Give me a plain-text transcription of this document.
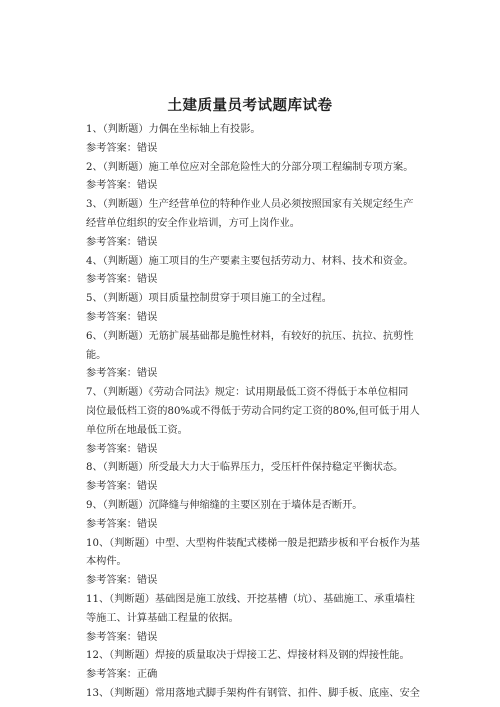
土建质量员考试题库试卷

1、（判断题）力偶在坐标轴上有投影。

参考答案：错误

2、（判断题）施工单位应对全部危险性大的分部分项工程编制专项方案。

参考答案：错误

3、（判断题）生产经营单位的特种作业人员必须按照国家有关规定经生产

经营单位组织的安全作业培训，方可上岗作业。

参考答案：错误

4、（判断题）施工项目的生产要素主要包括劳动力、材料、技术和资金。

参考答案：错误

5、（判断题）项目质量控制贯穿于项目施工的全过程。

参考答案：错误

6、（判断题）无筋扩展基础都是脆性材料，有较好的抗压、抗拉、抗剪性

能。

参考答案：错误

7、（判断题）《劳动合同法》规定：试用期最低工资不得低于本单位相同

岗位最低档工资的80%或不得低于劳动合同约定工资的80%,但可低于用人

单位所在地最低工资。

参考答案：错误

8、（判断题）所受最大力大于临界压力，受压杆件保持稳定平衡状态。

参考答案：错误

9、（判断题）沉降缝与伸缩缝的主要区别在于墙体是否断开。

参考答案：错误

10、（判断题）中型、大型构件装配式楼梯一般是把踏步板和平台板作为基

本构件。

参考答案：错误

11、（判断题）基础图是施工放线、开挖基槽（坑）、基础施工、承重墙柱

等施工、计算基础工程量的依据。

参考答案：错误

12、（判断题）焊接的质量取决于焊接工艺、焊接材料及钢的焊接性能。

参考答案：正确

13、（判断题）常用落地式脚手架构件有钢管、扣件、脚手板、底座、安全
